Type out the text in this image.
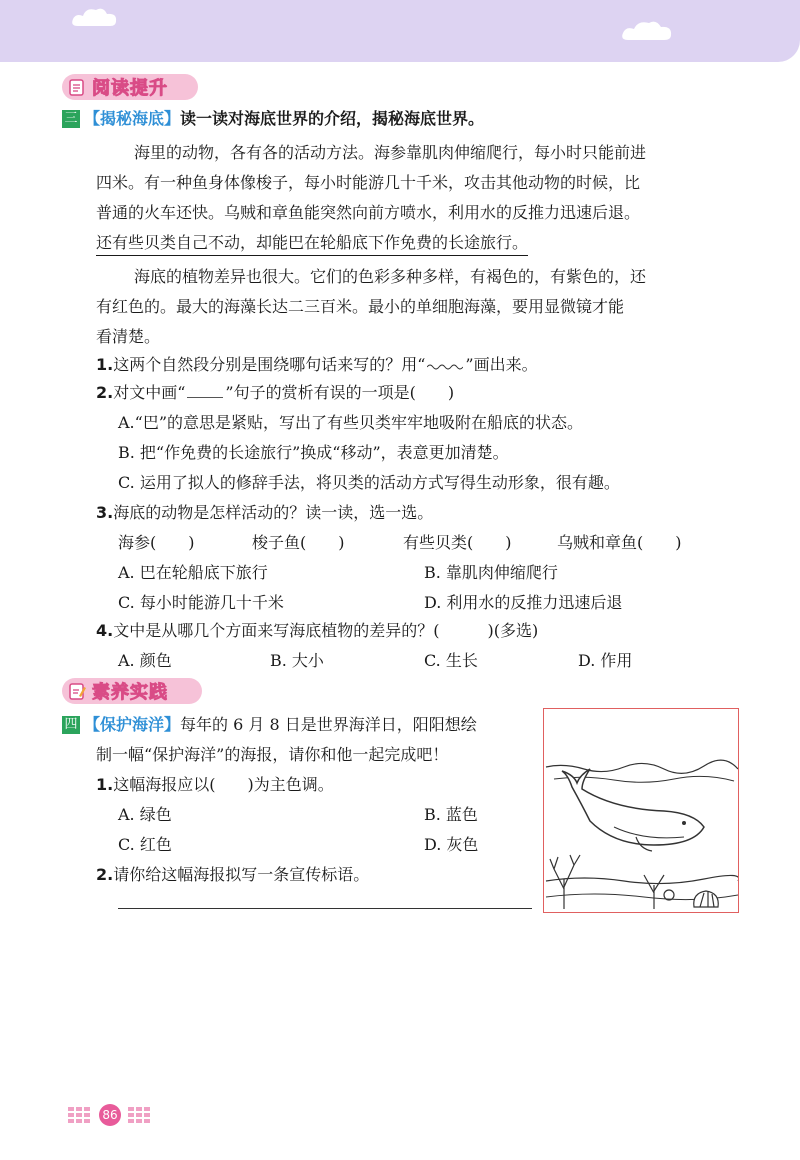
阅读提升
三 【揭秘海底】读一读对海底世界的介绍，揭秘海底世界。
海里的动物，各有各的活动方法。海参靠肌肉伸缩爬行，每小时只能前进
四米。有一种鱼身体像梭子，每小时能游几十千米，攻击其他动物的时候，比
普通的火车还快。乌贼和章鱼能突然向前方喷水，利用水的反推力迅速后退。
还有些贝类自己不动，却能巴在轮船底下作免费的长途旅行。
海底的植物差异也很大。它们的色彩多种多样，有褐色的，有紫色的，还
有红色的。最大的海藻长达二三百米。最小的单细胞海藻，要用显微镜才能
看清楚。
1.这两个自然段分别是围绕哪句话来写的？用“	”画出来。
2.对文中画“	”句子的赏析有误的一项是(　　)
A.“巴”的意思是紧贴，写出了有些贝类牢牢地吸附在船底的状态。
B. 把“作免费的长途旅行”换成“移动”，表意更加清楚。
C. 运用了拟人的修辞手法，将贝类的活动方式写得生动形象，很有趣。
3.海底的动物是怎样活动的？读一读，选一选。
海参(　　)	梭子鱼(　　)	有些贝类(　　)	乌贼和章鱼(　　)
A. 巴在轮船底下旅行	B. 靠肌肉伸缩爬行
C. 每小时能游几十千米	D. 利用水的反推力迅速后退
4.文中是从哪几个方面来写海底植物的差异的？(　　　)(多选)
A. 颜色	B. 大小	C. 生长	D. 作用
素养实践
四 【保护海洋】每年的 6 月 8 日是世界海洋日，阳阳想绘
制一幅“保护海洋”的海报，请你和他一起完成吧！
1.这幅海报应以(　　)为主色调。
A. 绿色	B. 蓝色
C. 红色	D. 灰色
2.请你给这幅海报拟写一条宣传标语。
86
